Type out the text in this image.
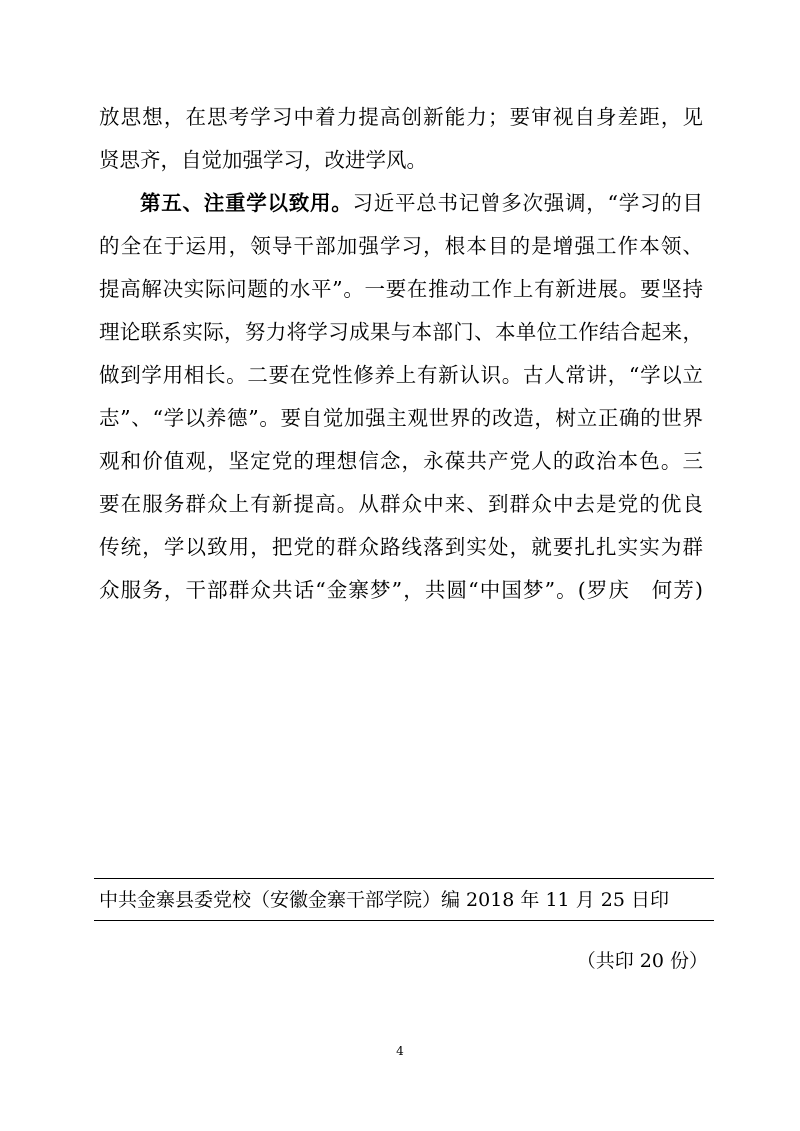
放思想，在思考学习中着力提高创新能力；要审视自身差距，见
贤思齐，自觉加强学习，改进学风。
第五、注重学以致用。习近平总书记曾多次强调，“学习的目
的全在于运用，领导干部加强学习，根本目的是增强工作本领、
提高解决实际问题的水平”。一要在推动工作上有新进展。要坚持
理论联系实际，努力将学习成果与本部门、本单位工作结合起来，
做到学用相长。二要在党性修养上有新认识。古人常讲，“学以立
志”、“学以养德”。要自觉加强主观世界的改造，树立正确的世界
观和价值观，坚定党的理想信念，永葆共产党人的政治本色。三
要在服务群众上有新提高。从群众中来、到群众中去是党的优良
传统，学以致用，把党的群众路线落到实处，就要扎扎实实为群
众服务，干部群众共话“金寨梦”，共圆“中国梦”。(罗庆　何芳)
中共金寨县委党校（安徽金寨干部学院）编 2018 年 11 月 25 日印
（共印 20 份）
4
